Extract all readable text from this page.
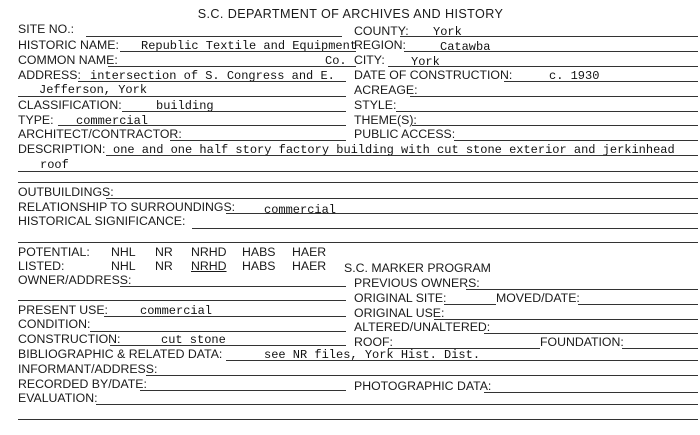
S.C. DEPARTMENT OF ARCHIVES AND HISTORY
SITE NO.:
HISTORIC NAME:
COMMON NAME:
ADDRESS:
CLASSIFICATION:
TYPE:
ARCHITECT/CONTRACTOR:
DESCRIPTION:
OUTBUILDINGS:
RELATIONSHIP TO SURROUNDINGS:
HISTORICAL SIGNIFICANCE:
POTENTIAL:
LISTED:
OWNER/ADDRESS:
PRESENT USE:
CONDITION:
CONSTRUCTION:
BIBLIOGRAPHIC & RELATED DATA:
INFORMANT/ADDRESS:
RECORDED BY/DATE:
EVALUATION:
NHL NR NRHD HABS HAER
NHL NR NRHD HABS HAER
COUNTY:
REGION:
CITY:
DATE OF CONSTRUCTION:
ACREAGE:
STYLE:
THEME(S):
PUBLIC ACCESS:
S.C. MARKER PROGRAM
PREVIOUS OWNERS:
ORIGINAL SITE:	MOVED/DATE:
ORIGINAL USE:
ALTERED/UNALTERED:
ROOF:	FOUNDATION:
PHOTOGRAPHIC DATA:
Republic Textile and Equipment
Co.
intersection of S. Congress and E.
Jefferson, York
building
commercial
one and one half story factory building with cut stone exterior and jerkinhead
roof
commercial
commercial
cut stone
see NR files, York Hist. Dist.
York
Catawba
York
c. 1930
